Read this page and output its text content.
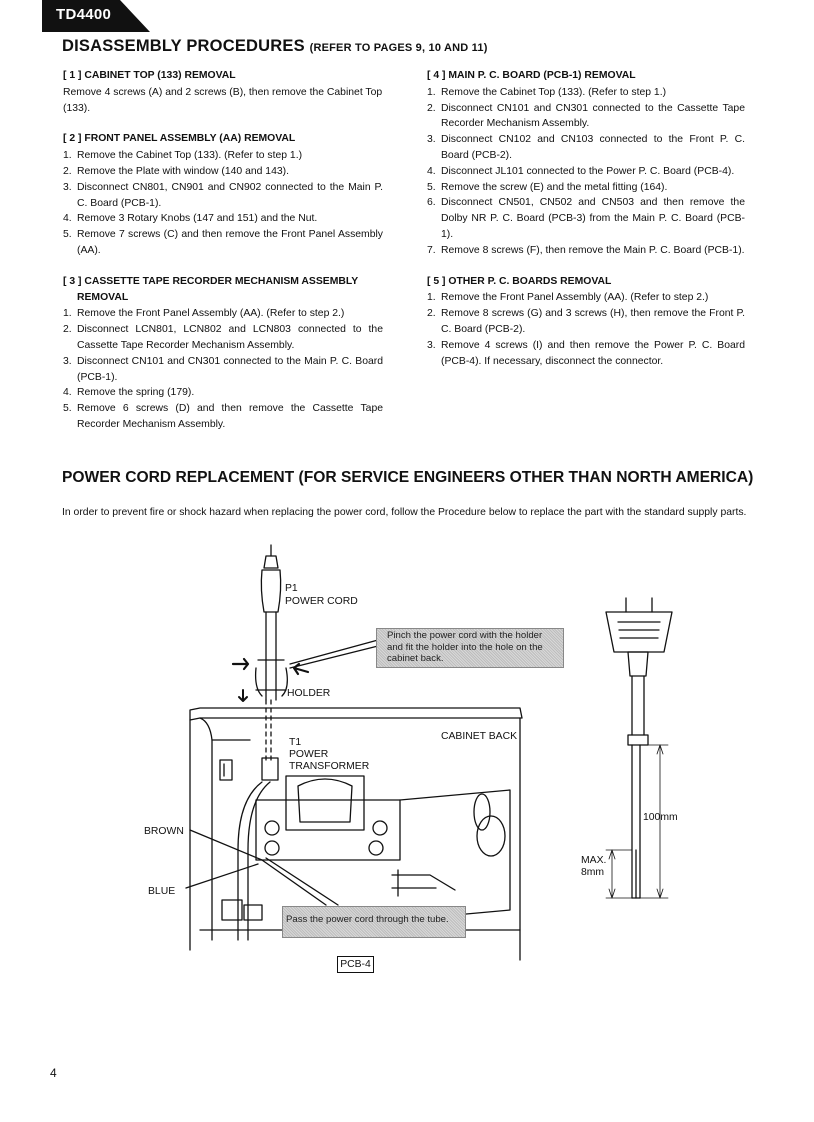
TD4400
DISASSEMBLY PROCEDURES (REFER TO PAGES 9, 10 AND 11)
[ 1 ] CABINET TOP (133) REMOVAL
Remove 4 screws (A) and 2 screws (B), then remove the Cabinet Top (133).
[ 2 ] FRONT PANEL ASSEMBLY (AA) REMOVAL
1. Remove the Cabinet Top (133). (Refer to step 1.)
2. Remove the Plate with window (140 and 143).
3. Disconnect CN801, CN901 and CN902 connected to the Main P. C. Board (PCB-1).
4. Remove 3 Rotary Knobs (147 and 151) and the Nut.
5. Remove 7 screws (C) and then remove the Front Panel Assembly (AA).
[ 3 ] CASSETTE TAPE RECORDER MECHANISM ASSEMBLY
REMOVAL
1. Remove the Front Panel Assembly (AA). (Refer to step 2.)
2. Disconnect LCN801, LCN802 and LCN803 connected to the Cassette Tape Recorder Mechanism Assembly.
3. Disconnect CN101 and CN301 connected to the Main P. C. Board (PCB-1).
4. Remove the spring (179).
5. Remove 6 screws (D) and then remove the Cassette Tape Recorder Mechanism Assembly.
[ 4 ] MAIN P. C. BOARD (PCB-1) REMOVAL
1. Remove the Cabinet Top (133). (Refer to step 1.)
2. Disconnect CN101 and CN301 connected to the Cassette Tape Recorder Mechanism Assembly.
3. Disconnect CN102 and CN103 connected to the Front P. C. Board (PCB-2).
4. Disconnect JL101 connected to the Power P. C. Board (PCB-4).
5. Remove the screw (E) and the metal fitting (164).
6. Disconnect CN501, CN502 and CN503 and then remove the Dolby NR P. C. Board (PCB-3) from the Main P. C. Board (PCB-1).
7. Remove 8 screws (F), then remove the Main P. C. Board (PCB-1).
[ 5 ] OTHER P. C. BOARDS REMOVAL
1. Remove the Front Panel Assembly (AA). (Refer to step 2.)
2. Remove 8 screws (G) and 3 screws (H), then remove the Front P. C. Board (PCB-2).
3. Remove 4 screws (I) and then remove the Power P. C. Board (PCB-4). If necessary, disconnect the connector.
POWER CORD REPLACEMENT (FOR SERVICE ENGINEERS OTHER THAN NORTH AMERICA)
In order to prevent fire or shock hazard when replacing the power cord, follow the Procedure below to replace the part with the standard supply parts.
P1
POWER CORD
HOLDER
T1
POWER
TRANSFORMER
CABINET BACK
BROWN
BLUE
100mm
MAX.
8mm
Pinch the power cord with the holder and fit the holder into the hole on the cabinet back.
Pass the power cord through the tube.
PCB-4
4
